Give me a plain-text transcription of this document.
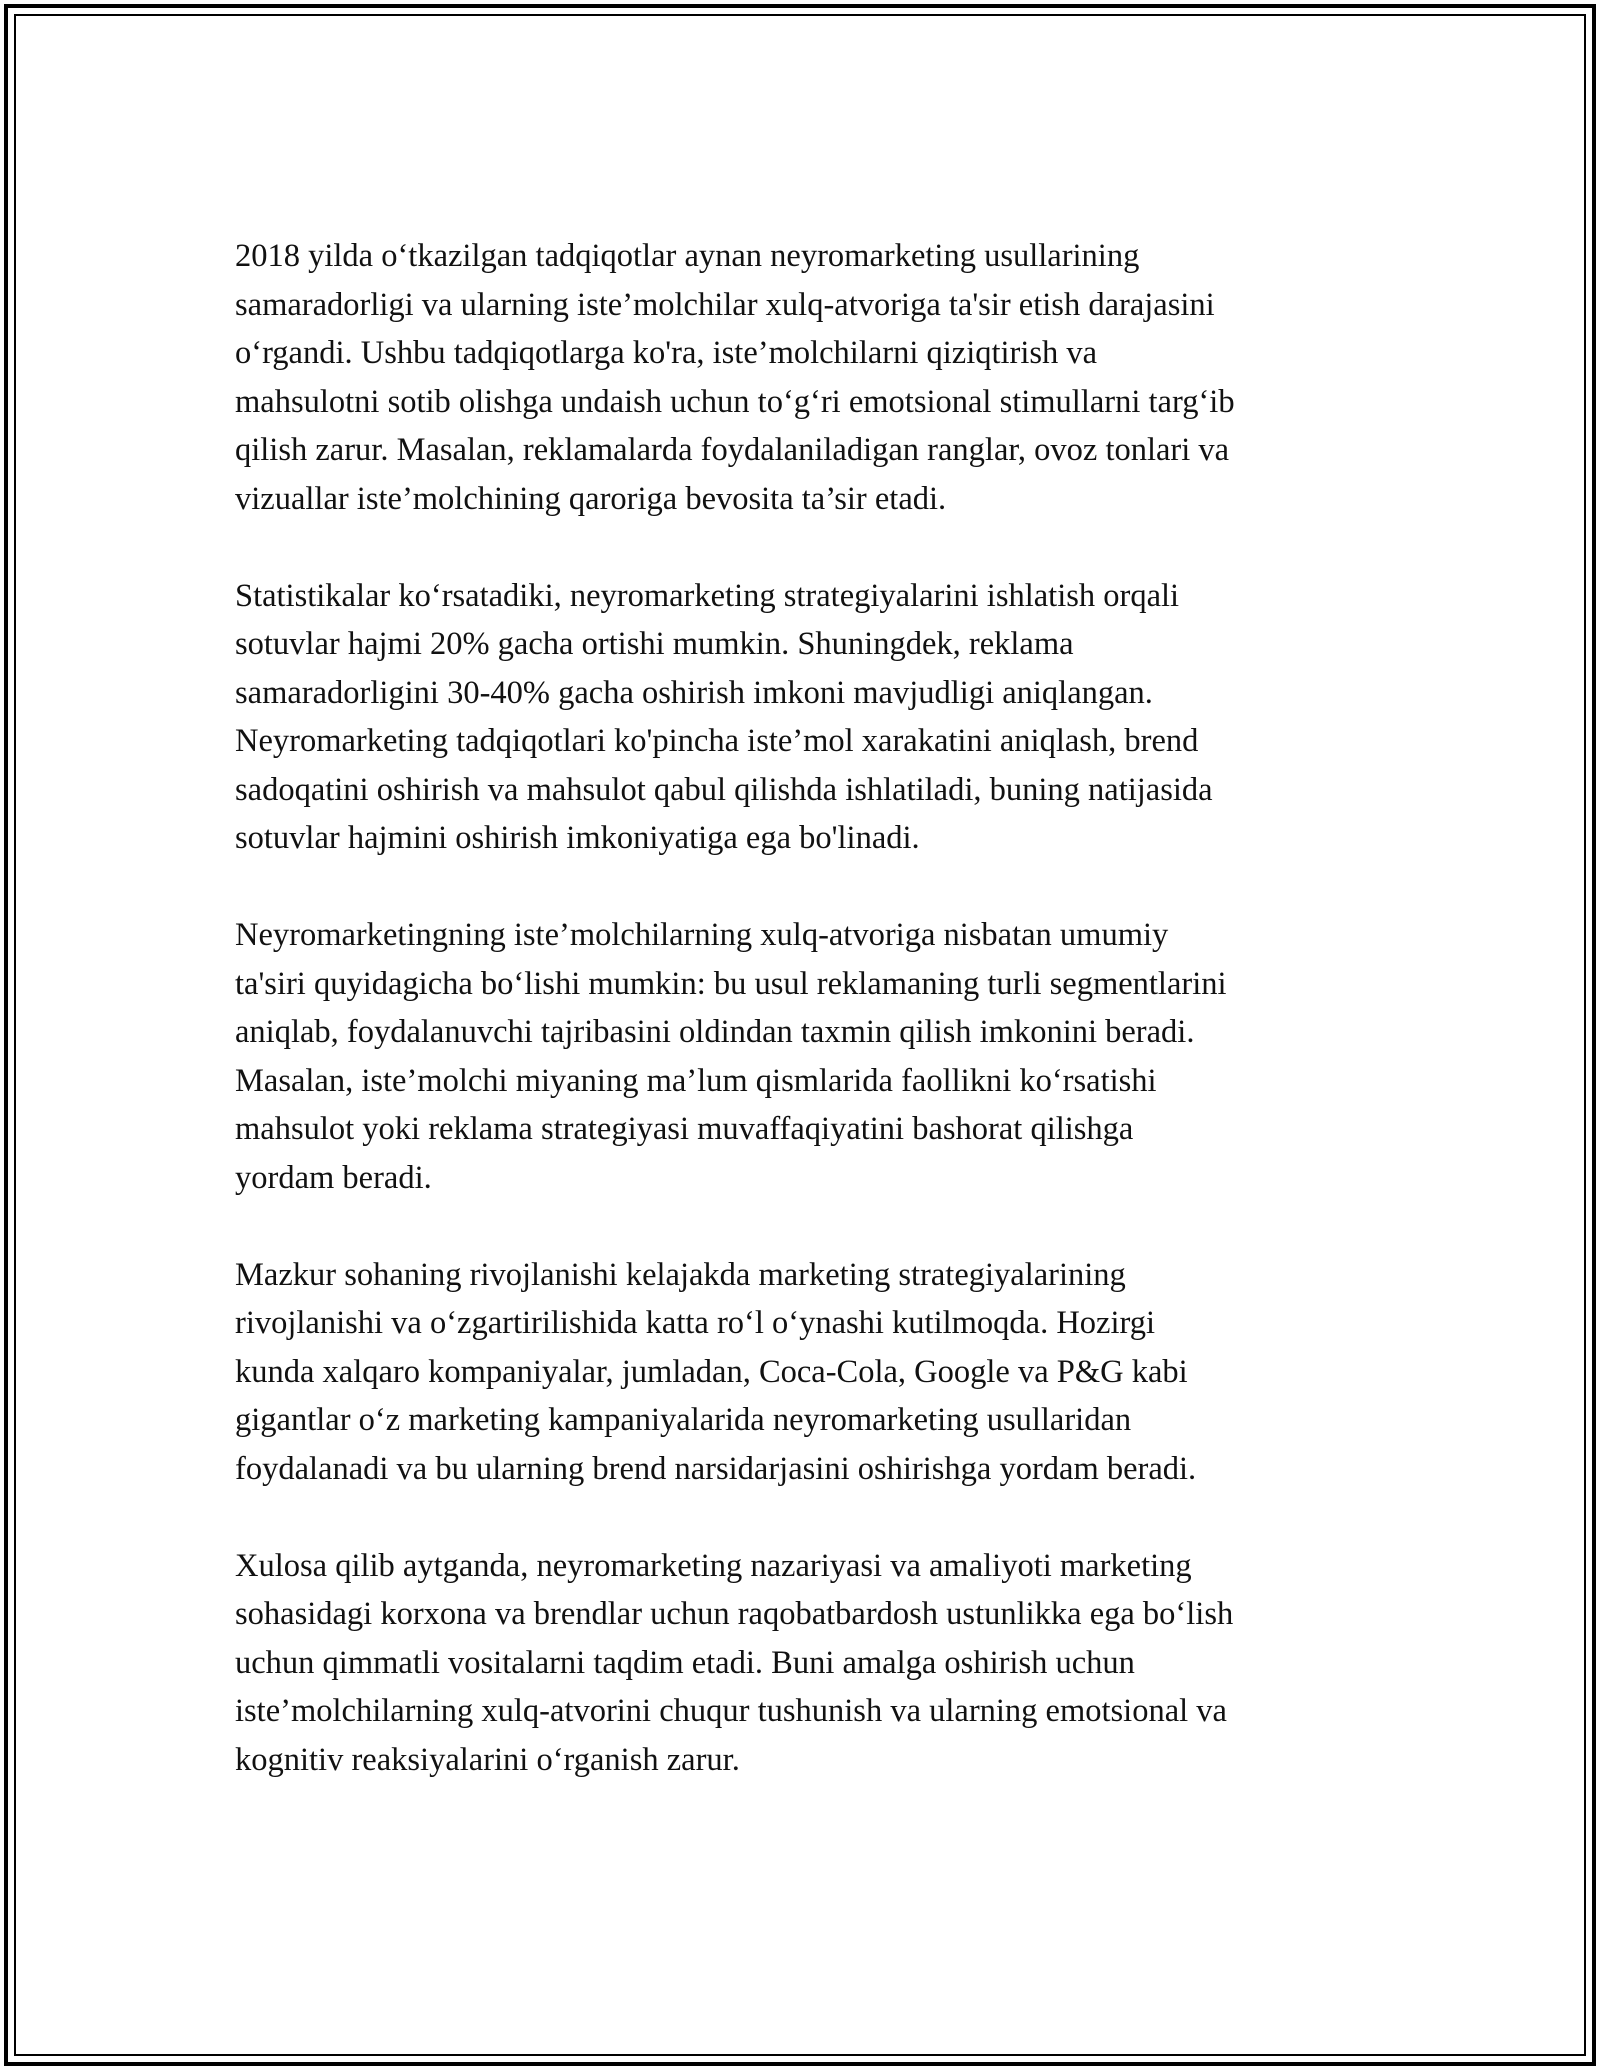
2018 yilda o‘tkazilgan tadqiqotlar aynan neyromarketing usullarining
samaradorligi va ularning iste’molchilar xulq-atvoriga ta'sir etish darajasini
o‘rgandi. Ushbu tadqiqotlarga ko'ra, iste’molchilarni qiziqtirish va
mahsulotni sotib olishga undaish uchun to‘g‘ri emotsional stimullarni targ‘ib
qilish zarur. Masalan, reklamalarda foydalaniladigan ranglar, ovoz tonlari va
vizuallar iste’molchining qaroriga bevosita ta’sir etadi.

Statistikalar ko‘rsatadiki, neyromarketing strategiyalarini ishlatish orqali
sotuvlar hajmi 20% gacha ortishi mumkin. Shuningdek, reklama
samaradorligini 30-40% gacha oshirish imkoni mavjudligi aniqlangan.
Neyromarketing tadqiqotlari ko'pincha iste’mol xarakatini aniqlash, brend
sadoqatini oshirish va mahsulot qabul qilishda ishlatiladi, buning natijasida
sotuvlar hajmini oshirish imkoniyatiga ega bo'linadi.

Neyromarketingning iste’molchilarning xulq-atvoriga nisbatan umumiy
ta'siri quyidagicha bo‘lishi mumkin: bu usul reklamaning turli segmentlarini
aniqlab, foydalanuvchi tajribasini oldindan taxmin qilish imkonini beradi.
Masalan, iste’molchi miyaning ma’lum qismlarida faollikni ko‘rsatishi
mahsulot yoki reklama strategiyasi muvaffaqiyatini bashorat qilishga
yordam beradi.

Mazkur sohaning rivojlanishi kelajakda marketing strategiyalarining
rivojlanishi va o‘zgartirilishida katta ro‘l o‘ynashi kutilmoqda. Hozirgi
kunda xalqaro kompaniyalar, jumladan, Coca-Cola, Google va P&G kabi
gigantlar o‘z marketing kampaniyalarida neyromarketing usullaridan
foydalanadi va bu ularning brend narsidarjasini oshirishga yordam beradi.

Xulosa qilib aytganda, neyromarketing nazariyasi va amaliyoti marketing
sohasidagi korxona va brendlar uchun raqobatbardosh ustunlikka ega bo‘lish
uchun qimmatli vositalarni taqdim etadi. Buni amalga oshirish uchun
iste’molchilarning xulq-atvorini chuqur tushunish va ularning emotsional va
kognitiv reaksiyalarini o‘rganish zarur.
